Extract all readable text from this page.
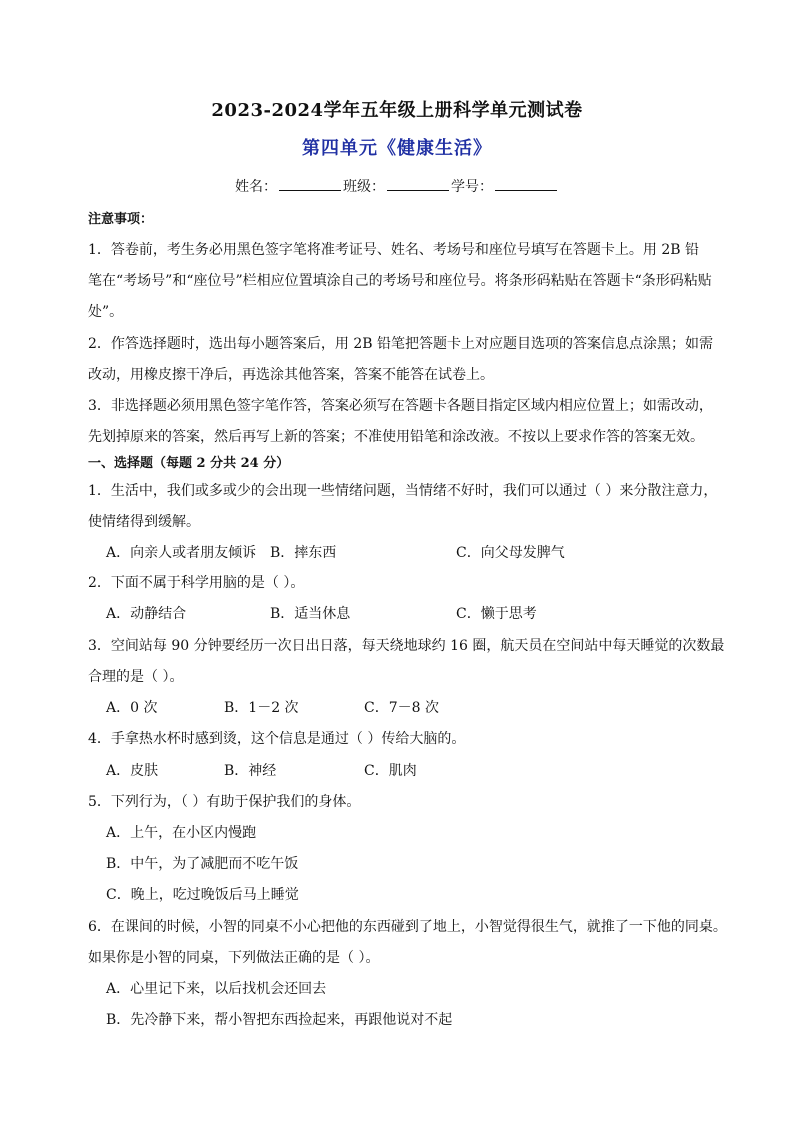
2023-2024学年五年级上册科学单元测试卷
第四单元《健康生活》
姓名：	班级：	学号：
注意事项：
1．答卷前，考生务必用黑色签字笔将准考证号、姓名、考场号和座位号填写在答题卡上。用 2B 铅
笔在“考场号”和“座位号”栏相应位置填涂自己的考场号和座位号。将条形码粘贴在答题卡“条形码粘贴
处”。
2．作答选择题时，选出每小题答案后，用 2B 铅笔把答题卡上对应题目选项的答案信息点涂黑；如需
改动，用橡皮擦干净后，再选涂其他答案，答案不能答在试卷上。
3．非选择题必须用黑色签字笔作答，答案必须写在答题卡各题目指定区域内相应位置上；如需改动，
先划掉原来的答案，然后再写上新的答案；不准使用铅笔和涂改液。不按以上要求作答的答案无效。
一、选择题（每题 2 分共 24 分）
1．生活中，我们或多或少的会出现一些情绪问题，当情绪不好时，我们可以通过（ ）来分散注意力，
使情绪得到缓解。
A．向亲人或者朋友倾诉 B．摔东西	C．向父母发脾气
2．下面不属于科学用脑的是（ ）。
A．动静结合	B．适当休息	C．懒于思考
3．空间站每 90 分钟要经历一次日出日落，每天绕地球约 16 圈，航天员在空间站中每天睡觉的次数最
合理的是（ ）。
A．0 次	B．1－2 次	C．7－8 次
4．手拿热水杯时感到烫，这个信息是通过（ ）传给大脑的。
A．皮肤	B．神经	C．肌肉
5．下列行为，（ ）有助于保护我们的身体。
A．上午，在小区内慢跑
B．中午，为了减肥而不吃午饭
C．晚上，吃过晚饭后马上睡觉
6．在课间的时候，小智的同桌不小心把他的东西碰到了地上，小智觉得很生气，就推了一下他的同桌。
如果你是小智的同桌，下列做法正确的是（ ）。
A．心里记下来，以后找机会还回去
B．先冷静下来，帮小智把东西捡起来，再跟他说对不起
